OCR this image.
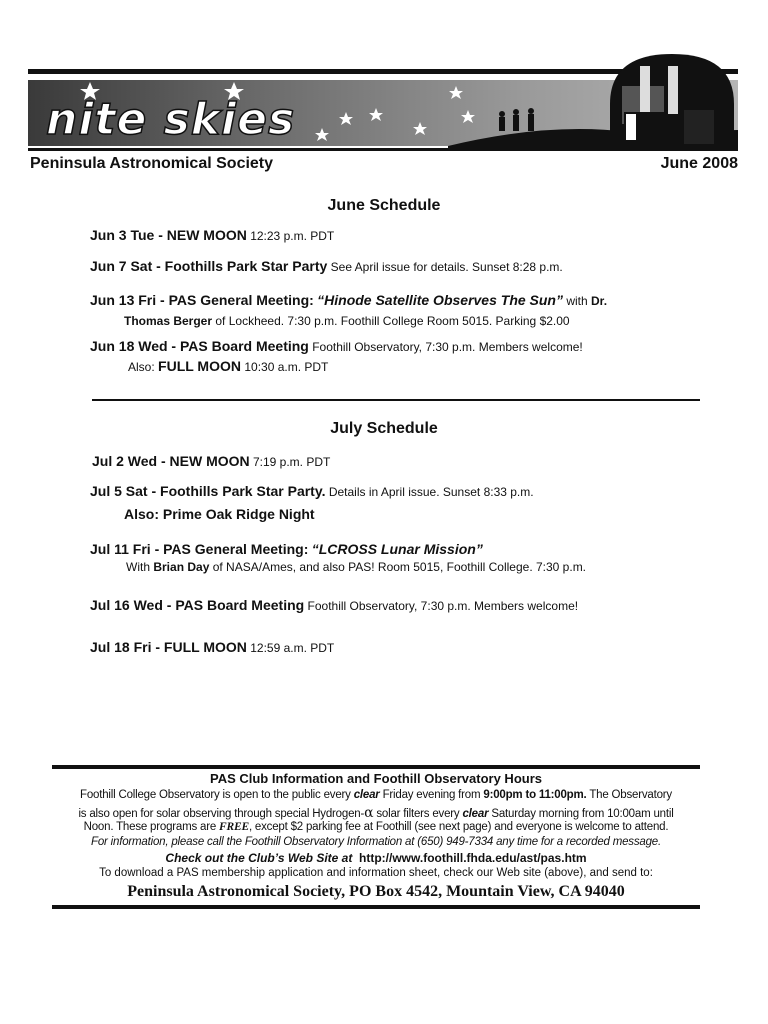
nite skies
Peninsula Astronomical Society	June 2008
June Schedule
Jun 3 Tue - NEW MOON 12:23 p.m. PDT
Jun 7 Sat - Foothills Park Star Party See April issue for details. Sunset 8:28 p.m.
Jun 13 Fri - PAS General Meeting: “Hinode Satellite Observes The Sun” with Dr.
Thomas Berger of Lockheed. 7:30 p.m. Foothill College Room 5015. Parking $2.00
Jun 18 Wed - PAS Board Meeting Foothill Observatory, 7:30 p.m. Members welcome!
Also: FULL MOON 10:30 a.m. PDT
July Schedule
Jul 2 Wed - NEW MOON 7:19 p.m. PDT
Jul 5 Sat - Foothills Park Star Party. Details in April issue. Sunset 8:33 p.m.
Also: Prime Oak Ridge Night
Jul 11 Fri - PAS General Meeting: “LCROSS Lunar Mission”
With Brian Day of NASA/Ames, and also PAS! Room 5015, Foothill College. 7:30 p.m.
Jul 16 Wed - PAS Board Meeting Foothill Observatory, 7:30 p.m. Members welcome!
Jul 18 Fri - FULL MOON 12:59 a.m. PDT
PAS Club Information and Foothill Observatory Hours
Foothill College Observatory is open to the public every clear Friday evening from 9:00pm to 11:00pm. The Observatory
is also open for solar observing through special Hydrogen-α solar filters every clear Saturday morning from 10:00am until
Noon. These programs are FREE, except $2 parking fee at Foothill (see next page) and everyone is welcome to attend.
For information, please call the Foothill Observatory Information at (650) 949-7334 any time for a recorded message.
Check out the Club’s Web Site at http://www.foothill.fhda.edu/ast/pas.htm
To download a PAS membership application and information sheet, check our Web site (above), and send to:
Peninsula Astronomical Society, PO Box 4542, Mountain View, CA 94040
